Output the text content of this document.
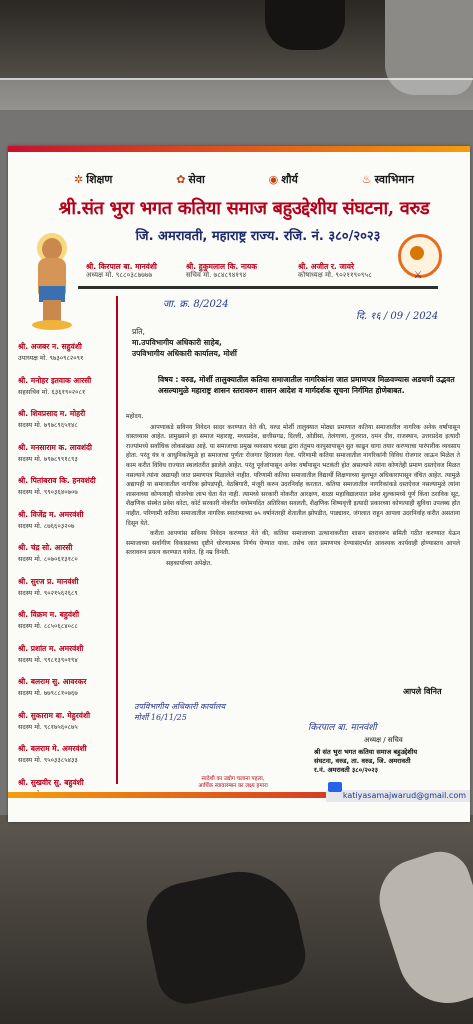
✲ शिक्षण	✿ सेवा	◉ शौर्य	♨ स्वाभिमान
श्री.संत भुरा भगत कतिया समाज बहुउद्देशीय संघटना, वरुड
जि. अमरावती, महाराष्ट्र राज्य. रजि. नं. ३८०/२०२३
⚔
श्री. किरपाल बा. मानवंशी
अध्यक्ष मो. ९८८०३८७७७७
श्री. हुकुमलाल कि. नायक
सचिव मो. ७८४८९४१९४
श्री. अजीत र. जावरे
कोषाध्यक्ष मो. ९०२११९०९५८
श्री. अजबर न. सहुवंशी
उपाध्यक्ष मो. ९७३०९८२०९१
श्री. मनोहर इतवाक आरसी
सहसचिव मो. ६३६१९०२०८१
श्री. शिवप्रसाद म. मोहरी
सदस्य मो. ७९७८९६५१४८
श्री. मनसाराम क. लावशंदी
सदस्य मो. ७९७८९९१८९३
श्री. पितांबराव कि. हनवशंदी
सदस्य मो. ९९०३६४०७०७
श्री. विजेंद्र म. अमरवंशी
सदस्य मो. ८७६६०३२०७
श्री. चंद्र सो. आरसी
सदस्य मो. ८०७०६१३१८०
श्री. सुरज प्र. मानवंशी
सदस्य मो. ९०२१५६२६८९
श्री. विक्रम म. बहुवंशी
सदस्य मो. ८८५०६८४०८८
श्री. प्रशांत म. अमरवंशी
सदस्य मो. ९९८१३९०१९४
श्री. बलराम सु. आवरकर
सदस्य मो. ७७९८८१०७६७
श्री. सुकाराम बा. मेहुरवंशी
सदस्य मो. ९८१७५६०८७५
श्री. बलराम मे. अमरवंशी
सदस्य मो. ९५०३३८५४३३
श्री. सुखवीर सु. बहुवंशी
जा. क्र. 8/2024
दि. १६ / 09 / 2024
प्रति,
मा.उपविभागीय अधिकारी साहेब,
उपविभागीय अधिकारी कार्यालय, मोर्शी
विषय : वरुड, मोर्शी तालुक्यातील कतिया समाजातील नागरिकांना जात प्रमाणपत्र मिळवण्यास अडचणी उद्भवत असल्यामुळे महाराष्ट्र शासन स्तरावरुन शासन आदेश व मार्गदर्शक सूचना निर्गमित होणेबाबत.

महोदय,

आपणाकडे सविनय निवेदन सादर करण्यात येते की, वरुड मोर्शी तालुक्यात मोठ्या प्रमाणात कतिया समाजातील नागरिक अनेक वर्षांपासून वास्तव्यास आहेत. प्रामुख्याने हा समाज महाराष्ट्र, मध्यप्रदेश, छत्तीसगढ, दिल्ली, ओडीसा, तेलंगाणा, गुजरात, दमन दीव, राजस्थान, उत्तरप्रदेश इत्यादी राज्यांमध्ये सर्वाधिक लोकसंख्या आहे. या समाजाचा प्रमुख व्यवसाय चरखा द्वारा तंतुमय कापुसापासून सुत काढून धागा तयार करण्याचा पारंपारीक व्यवसाय होता. परंतु यंत्र व आधुनिकतेमुळे हा समाजाचा पुर्णतः रोजगार हिरावला गेला. परिणामी कतिया समाजातील नागरिकांनी विविध रोजगार जाऊन मिळेल ते काम करीत विविध राज्यात स्थलांतरीत झालेले आहेत. परंतु पूर्वजांपासून अनेक वर्षांपासून भटकंती होत असल्याने त्यांना कोणतेही प्रमाण दस्तऐवज मिळत नसल्याने त्यांना अद्यापही जात प्रमाणपत्र मिळालेले नाहीत. परिणामी कतिया समाजातील विद्यार्थी शिक्षणाच्या मुलभूत अधिकारापासून वंचित आहेत. त्यामुळे अद्यापही या समाजातील नागरिक झोपडपट्टी, वेठबिगारी, मंजूरी करुन उदरनिर्वाह करतात. कतिया समाजातील नागरिकांकडे दस्तऐवज नसल्यामुळे त्यांना शासनाच्या कोणत्याही योजनेचा लाभ घेता येत नाही. त्यामध्ये सरकारी नोकरीत आरक्षण, शाळा महाविद्यालयात प्रवेश शुल्कामध्ये पूर्ण किंवा ठराविक सूट, शैक्षणिक संस्थेत प्रवेश कोटा, कोर्ट सरकारी नोकरीत वयोमर्यादेत अतिरिक्त सवलती, शैक्षणिक शिष्यवृत्ती इत्यादी प्रकारच्या कोणत्याही सुविधा उपलब्ध होत नाहीत. परिणामी कतिया समाजातील नागरिक स्वातंत्र्याच्या ७५ वर्षानंतरही शेतातील झोपडीत, पाड्यावर, जंगलात राहून आपला उदरनिर्वाह करीत असताना दिसून येते.

करीता आपणांस सविनय निवेदन करण्यात येते की, कतिया समाजाच्या उत्थानाकरीता शासन स्तरावरुन समिती गठीत करण्यात येऊन समाजाच्या सर्वांगीण विकासाच्या दृष्टीने धोरणात्मक निर्णय घेण्यात यावा. तसेच जात प्रमाणपत्र देण्यासंदर्भात आवश्यक कार्यवाही होण्यास्तव आपले स्तरावरुन प्रयत्न करण्यात यावेत. हि नम्र विनंती.

सहकार्याच्या अपेक्षेत.

आपले विनित
उपविभागीय अधिकारी कार्यालय
मोर्शी 16/11/25
किरपाल बा. मानवंशी
अध्यक्ष / सचिव
श्री संत भुरा भगत कतिया समाज बहुउद्देशीय
संघटना, वरुड, ता. वरुड, जि. अमरावती
र.नं. अमरावती ३८०/२०२३
स्वदेशी का उद्योग चलाना पहला,
आर्थिक स्वावलम्बन का लक्ष्य हमारा
katiyasamajwarud@gmail.com
